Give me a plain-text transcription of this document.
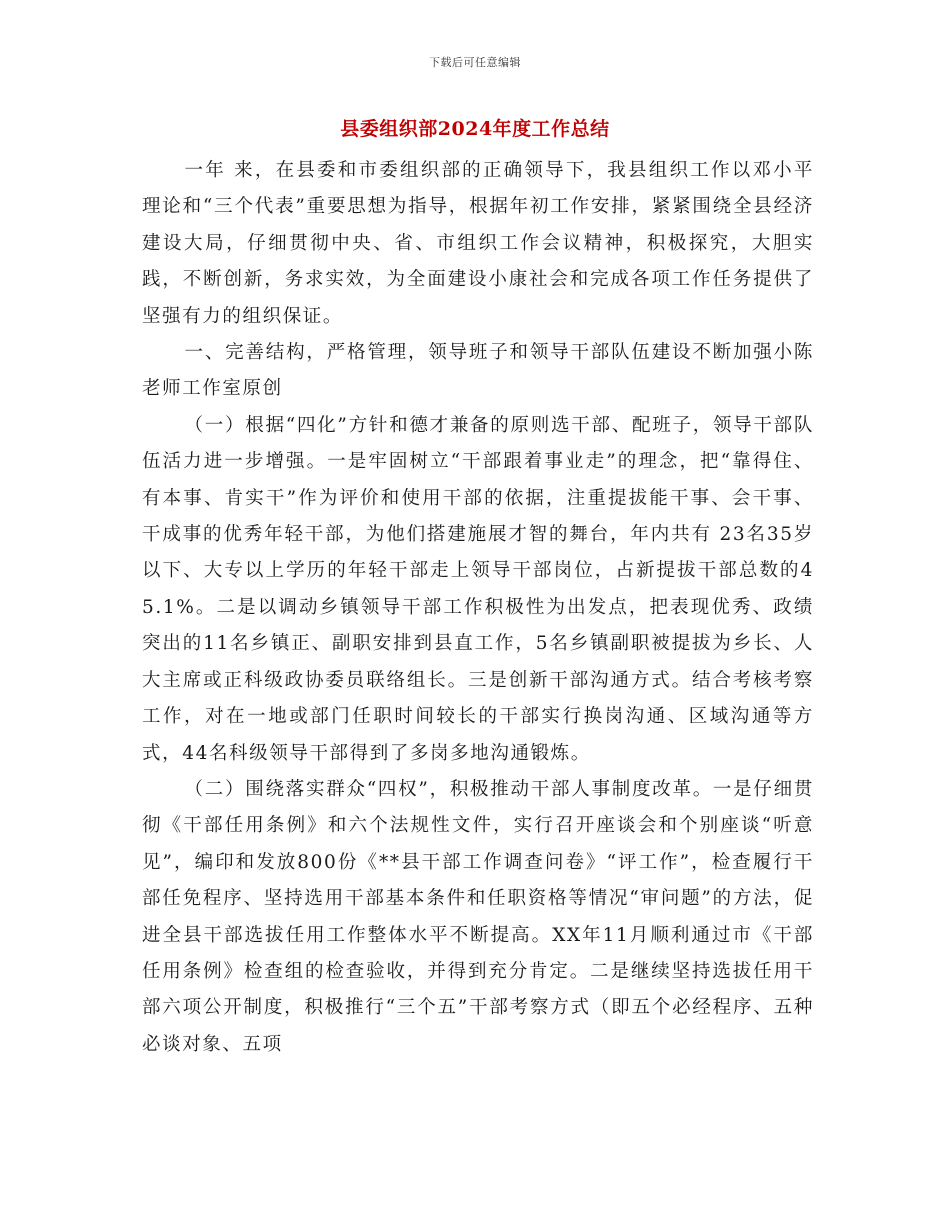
下载后可任意编辑
县委组织部2024年度工作总结

一年 来，在县委和市委组织部的正确领导下，我县组织工作以邓小平理论和“三个代表”重要思想为指导，根据年初工作安排，紧紧围绕全县经济建设大局，仔细贯彻中央、省、市组织工作会议精神，积极探究，大胆实践，不断创新，务求实效，为全面建设小康社会和完成各项工作任务提供了坚强有力的组织保证。

一、完善结构，严格管理，领导班子和领导干部队伍建设不断加强小陈老师工作室原创

（一）根据“四化”方针和德才兼备的原则选干部、配班子，领导干部队伍活力进一步增强。一是牢固树立“干部跟着事业走”的理念，把“靠得住、有本事、肯实干”作为评价和使用干部的依据，注重提拔能干事、会干事、干成事的优秀年轻干部，为他们搭建施展才智的舞台，年内共有 23名35岁以下、大专以上学历的年轻干部走上领导干部岗位，占新提拔干部总数的45.1%。二是以调动乡镇领导干部工作积极性为出发点，把表现优秀、政绩突出的11名乡镇正、副职安排到县直工作，5名乡镇副职被提拔为乡长、人大主席或正科级政协委员联络组长。三是创新干部沟通方式。结合考核考察工作，对在一地或部门任职时间较长的干部实行换岗沟通、区域沟通等方式，44名科级领导干部得到了多岗多地沟通锻炼。

（二）围绕落实群众“四权”，积极推动干部人事制度改革。一是仔细贯彻《干部任用条例》和六个法规性文件，实行召开座谈会和个别座谈“听意见”，编印和发放800份《**县干部工作调查问卷》“评工作”，检查履行干部任免程序、坚持选用干部基本条件和任职资格等情况“审问题”的方法，促进全县干部选拔任用工作整体水平不断提高。XX年11月顺利通过市《干部任用条例》检查组的检查验收，并得到充分肯定。二是继续坚持选拔任用干部六项公开制度，积极推行“三个五”干部考察方式（即五个必经程序、五种必谈对象、五项
